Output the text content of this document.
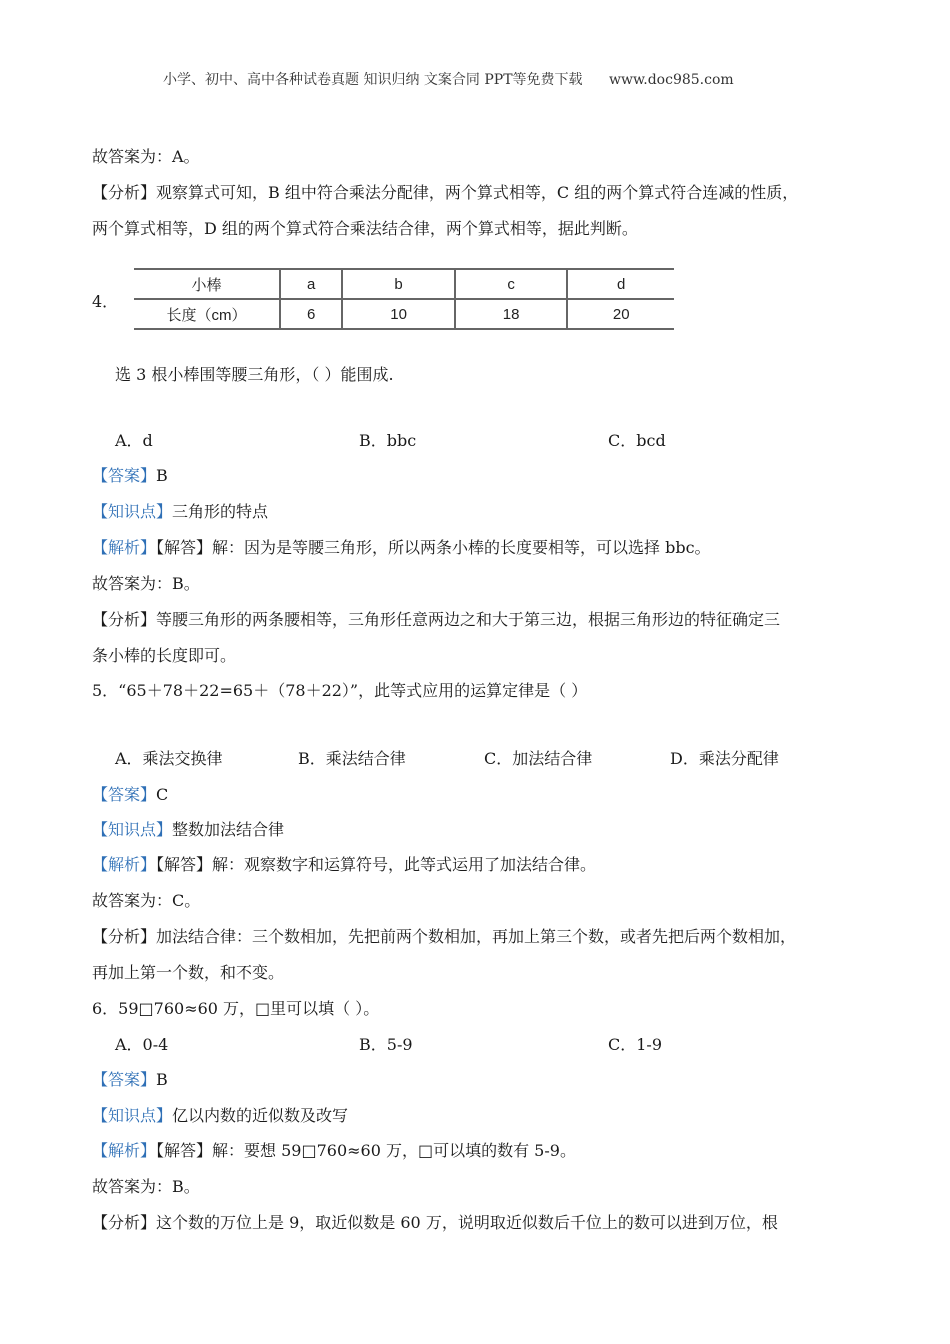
小学、初中、高中各种试卷真题 知识归纳 文案合同 PPT等免费下载 www.doc985.com
故答案为：A。
【分析】观察算式可知，B 组中符合乘法分配律，两个算式相等，C 组的两个算式符合连减的性质，
两个算式相等，D 组的两个算式符合乘法结合律，两个算式相等，据此判断。
4．
小棒	a	b	c	d
长度（cm）	6	10	18	20
选 3 根小棒围等腰三角形，（ ）能围成.
A．d	B．bbc	C．bcd
【答案】B
【知识点】三角形的特点
【解析】【解答】解：因为是等腰三角形，所以两条小棒的长度要相等，可以选择 bbc。
故答案为：B。
【分析】等腰三角形的两条腰相等，三角形任意两边之和大于第三边，根据三角形边的特征确定三
条小棒的长度即可。
5．“65＋78＋22=65＋（78＋22）”，此等式应用的运算定律是（ ）
A．乘法交换律	B．乘法结合律	C．加法结合律	D．乘法分配律
【答案】C
【知识点】整数加法结合律
【解析】【解答】解：观察数字和运算符号，此等式运用了加法结合律。
故答案为：C。
【分析】加法结合律：三个数相加，先把前两个数相加，再加上第三个数，或者先把后两个数相加，
再加上第一个数，和不变。
6．59□760≈60 万，□里可以填（ ）。
A．0-4	B．5-9	C．1-9
【答案】B
【知识点】亿以内数的近似数及改写
【解析】【解答】解：要想 59□760≈60 万，□可以填的数有 5-9。
故答案为：B。
【分析】这个数的万位上是 9，取近似数是 60 万，说明取近似数后千位上的数可以进到万位，根
